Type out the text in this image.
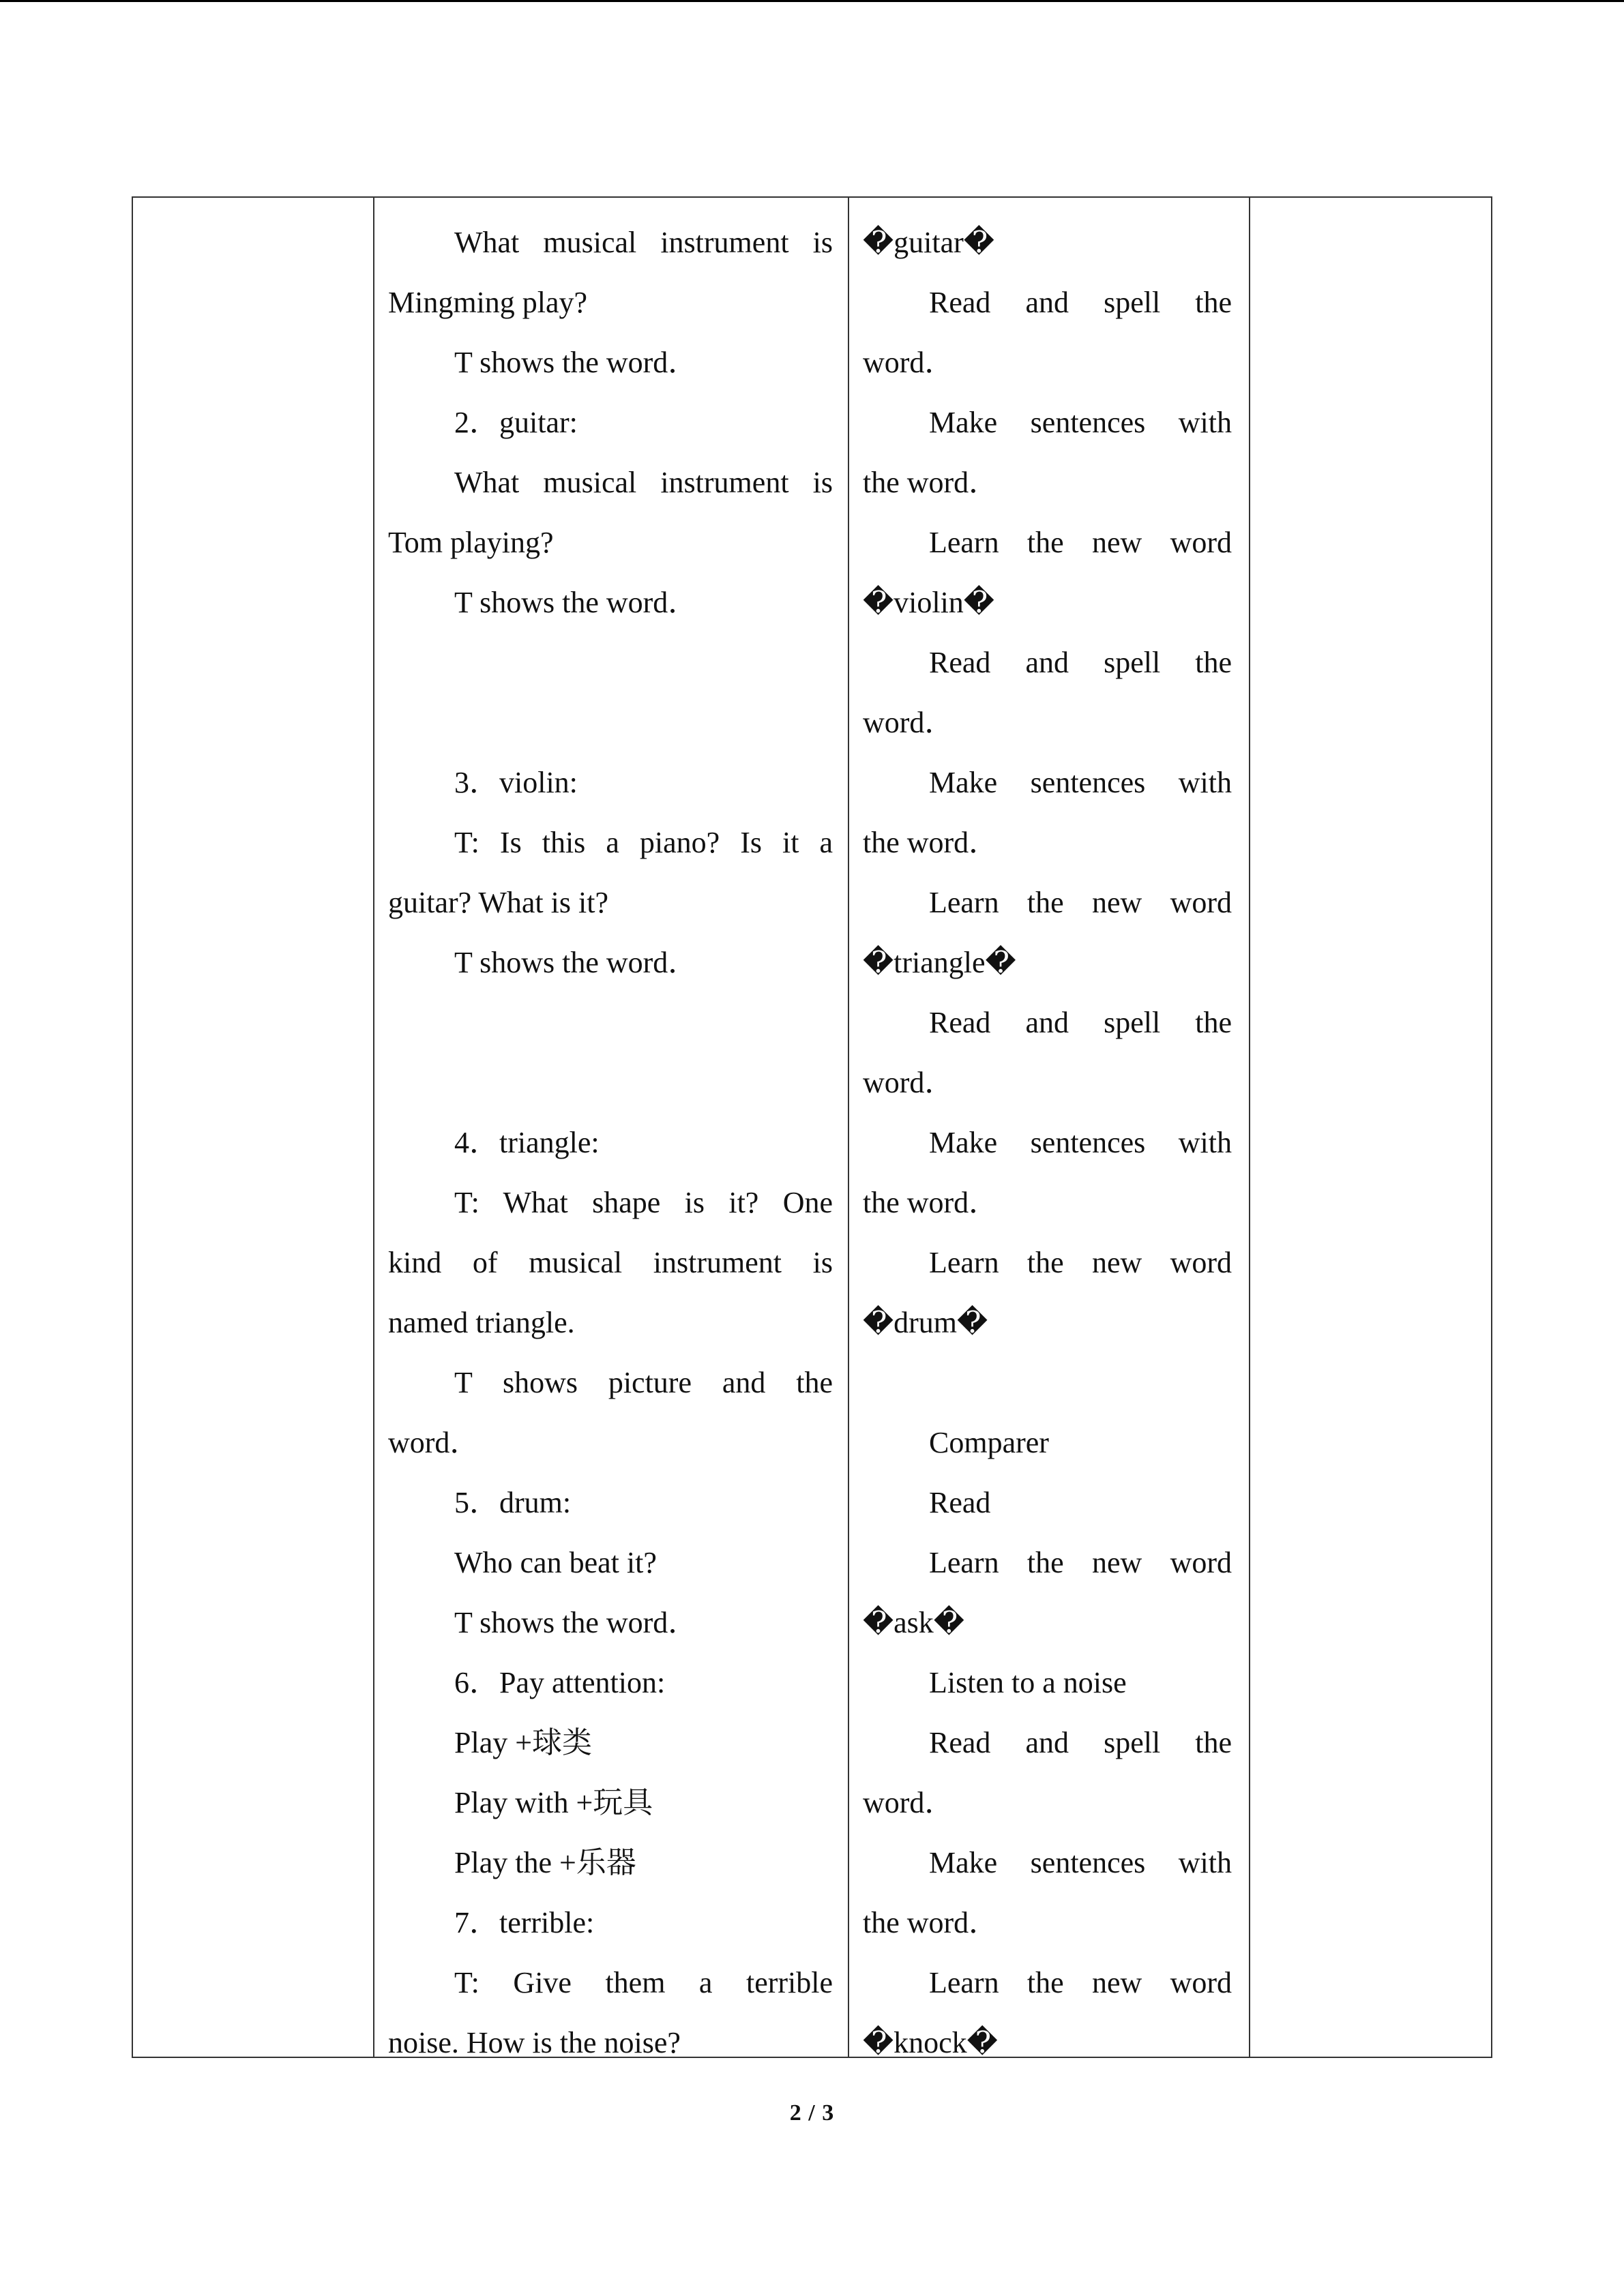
What musical instrument is
Mingming play?
T shows the word．
2．guitar:
What musical instrument is
Tom playing?
T shows the word．
3．violin:
T: Is this a piano? Is it a
guitar? What is it?
T shows the word．
4．triangle:
T: What shape is it? One
kind of musical instrument is
named triangle.
T shows picture and the
word．
5．drum:
Who can beat it?
T shows the word．
6．Pay attention:
Play +球类
Play with +玩具
Play the +乐器
7．terrible:
T: Give them a terrible
noise. How is the noise?
�guitar�
Read and spell the
word．
Make sentences with
the word．
Learn the new word
�violin�
Read and spell the
word．
Make sentences with
the word．
Learn the new word
�triangle�
Read and spell the
word．
Make sentences with
the word．
Learn the new word
�drum�
Comparer
Read
Learn the new word
�ask�
Listen to a noise
Read and spell the
word．
Make sentences with
the word．
Learn the new word
�knock�
2 / 3
